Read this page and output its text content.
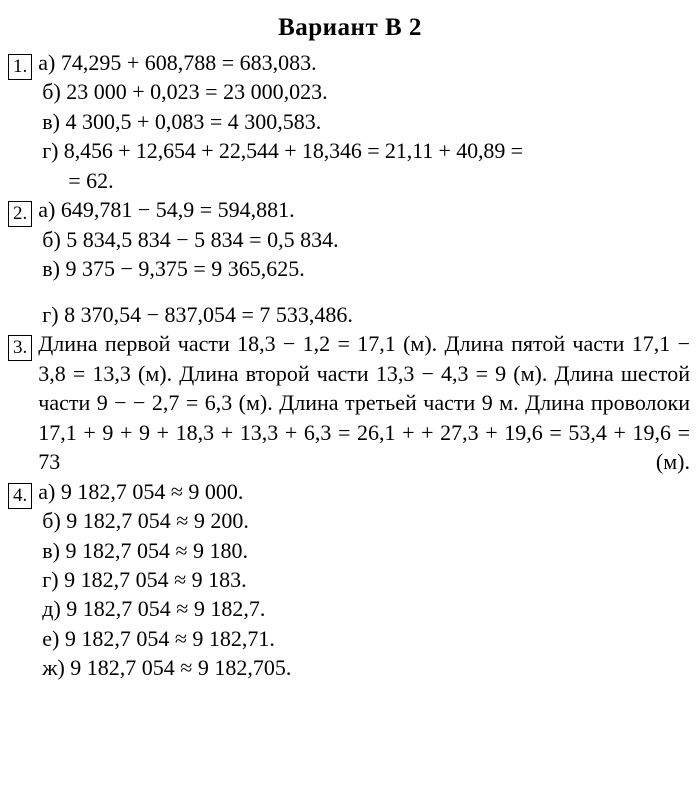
Вариант В 2
1. а) 74,295 + 608,788 = 683,083.
б) 23 000 + 0,023 = 23 000,023.
в) 4 300,5 + 0,083 = 4 300,583.
г) 8,456 + 12,654 + 22,544 + 18,346 = 21,11 + 40,89 =
= 62.
2. а) 649,781 − 54,9 = 594,881.
б) 5 834,5 834 − 5 834 = 0,5 834.
в) 9 375 − 9,375 = 9 365,625.
г) 8 370,54 − 837,054 = 7 533,486.
3. Длина первой части 18,3 − 1,2 = 17,1 (м). Длина пятой части 17,1 − 3,8 = 13,3 (м). Длина второй части 13,3 − 4,3 = 9 (м). Длина шестой части 9 − − 2,7 = 6,3 (м). Длина третьей части 9 м. Длина проволоки 17,1 + 9 + 9 + 18,3 + 13,3 + 6,3 = 26,1 + + 27,3 + 19,6 = 53,4 + 19,6 = 73 (м).
4. а) 9 182,7 054 ≈ 9 000.
б) 9 182,7 054 ≈ 9 200.
в) 9 182,7 054 ≈ 9 180.
г) 9 182,7 054 ≈ 9 183.
д) 9 182,7 054 ≈ 9 182,7.
е) 9 182,7 054 ≈ 9 182,71.
ж) 9 182,7 054 ≈ 9 182,705.
